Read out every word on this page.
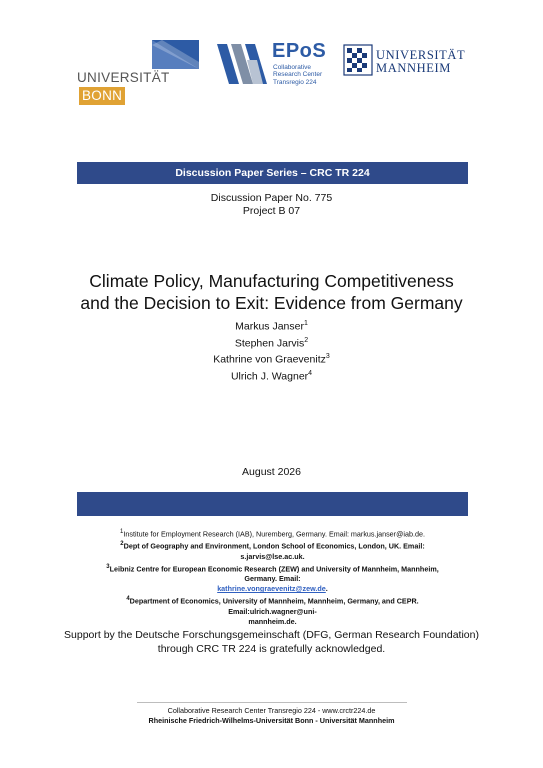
UNIVERSITÄTBONN
EPoS
Collaborative
Research Center
Transregio 224
UNIVERSITÄT
MANNHEIM
Discussion Paper Series – CRC TR 224
Discussion Paper No. 775
Project B 07
Climate Policy, Manufacturing Competitiveness
and the Decision to Exit: Evidence from Germany
Markus Janser$^1$
Stephen Jarvis$^2$
Kathrine von Graevenitz$^3$
Ulrich J. Wagner$^4$
August 2026
$^1$Institute for Employment Research (IAB), Nuremberg, Germany. Email: markus.janser@iab.de.
$^2$Dept of Geography and Environment, London School of Economics, London, UK. Email: s.jarvis@lse.ac.uk.
$^3$Leibniz Centre for European Economic Research (ZEW) and University of Mannheim, Mannheim, Germany. Email:
kathrine.vongraevenitz@zew.de.
$^4$Department of Economics, University of Mannheim, Mannheim, Germany, and CEPR. Email:ulrich.wagner@uni-
mannheim.de.
Support by the Deutsche Forschungsgemeinschaft (DFG, German Research Foundation)
through CRC TR 224 is gratefully acknowledged.
Collaborative Research Center Transregio 224 - www.crctr224.de
Rheinische Friedrich-Wilhelms-Universität Bonn - Universität Mannheim
